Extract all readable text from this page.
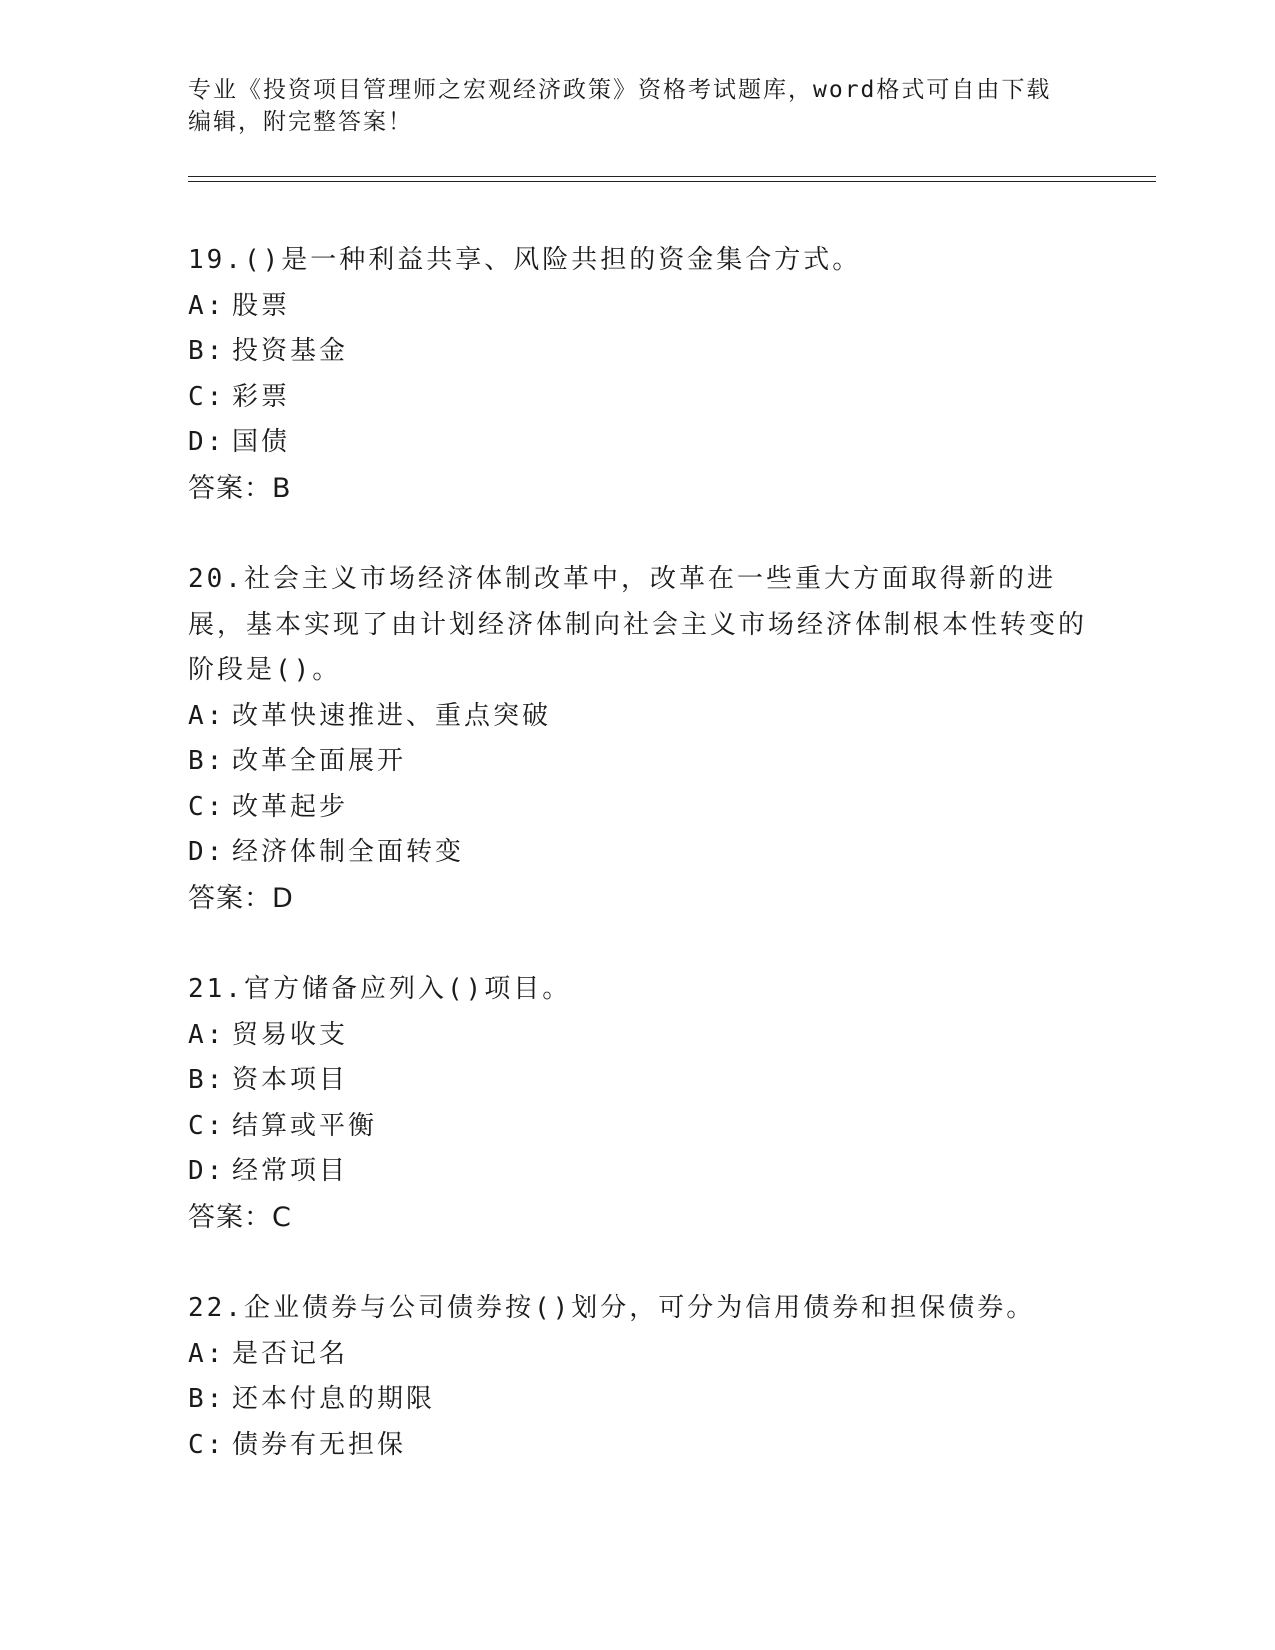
专业《投资项目管理师之宏观经济政策》资格考试题库，word格式可自由下载编辑，附完整答案！
19.()是一种利益共享、风险共担的资金集合方式。
A: 股票
B: 投资基金
C: 彩票
D: 国债
答案：B
20.社会主义市场经济体制改革中，改革在一些重大方面取得新的进展，基本实现了由计划经济体制向社会主义市场经济体制根本性转变的阶段是()。
A: 改革快速推进、重点突破
B: 改革全面展开
C: 改革起步
D: 经济体制全面转变
答案：D
21.官方储备应列入()项目。
A: 贸易收支
B: 资本项目
C: 结算或平衡
D: 经常项目
答案：C
22.企业债券与公司债券按()划分，可分为信用债券和担保债券。
A: 是否记名
B: 还本付息的期限
C: 债券有无担保
